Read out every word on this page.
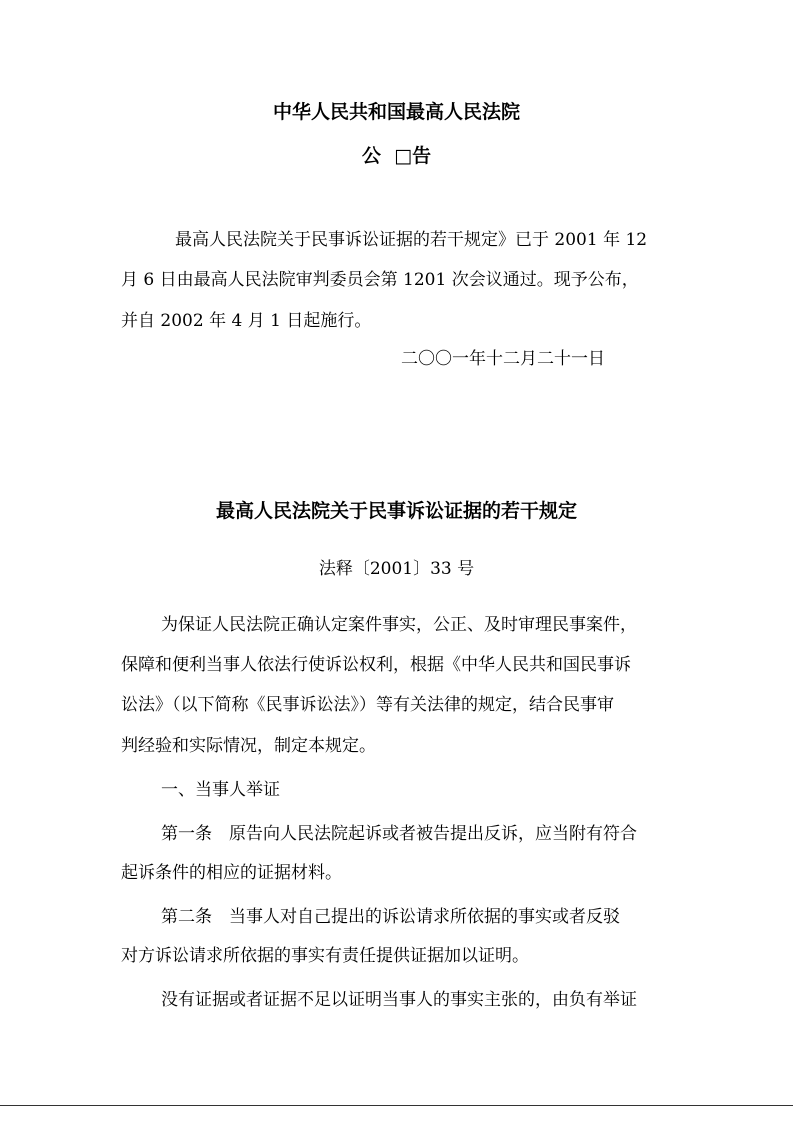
中华人民共和国最高人民法院
公  □告
最高人民法院关于民事诉讼证据的若干规定》已于 2001 年 12
月 6 日由最高人民法院审判委员会第 1201 次会议通过。现予公布，
并自 2002 年 4 月 1 日起施行。
二〇〇一年十二月二十一日
最高人民法院关于民事诉讼证据的若干规定
法释〔2001〕33 号
为保证人民法院正确认定案件事实，公正、及时审理民事案件，
保障和便利当事人依法行使诉讼权利，根据《中华人民共和国民事诉
讼法》（以下简称《民事诉讼法》）等有关法律的规定，结合民事审
判经验和实际情况，制定本规定。
一、当事人举证
第一条　原告向人民法院起诉或者被告提出反诉，应当附有符合
起诉条件的相应的证据材料。
第二条　当事人对自己提出的诉讼请求所依据的事实或者反驳
对方诉讼请求所依据的事实有责任提供证据加以证明。
没有证据或者证据不足以证明当事人的事实主张的，由负有举证
